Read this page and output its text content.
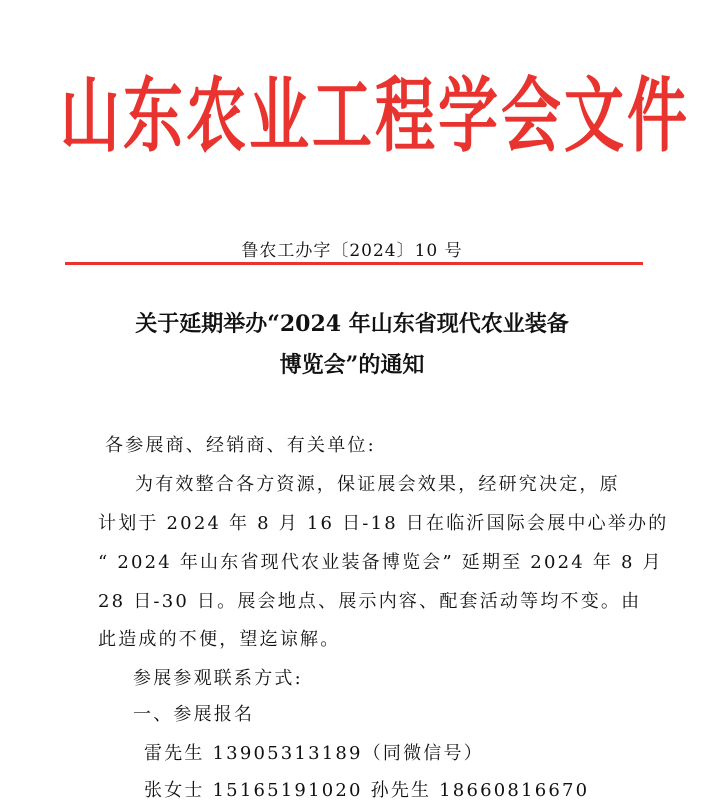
山东农业工程学会文件
鲁农工办字〔2024〕10 号
关于延期举办“2024 年山东省现代农业装备
博览会”的通知
各参展商、经销商、有关单位:
为有效整合各方资源，保证展会效果，经研究决定，原
计划于 2024 年 8 月 16 日-18 日在临沂国际会展中心举办的
“ 2024 年山东省现代农业装备博览会” 延期至 2024 年 8 月
28 日-30 日。展会地点、展示内容、配套活动等均不变。由
此造成的不便，望迄谅解。
参展参观联系方式:
一、参展报名
雷先生 13905313189（同微信号）
张女士 15165191020 孙先生 18660816670
